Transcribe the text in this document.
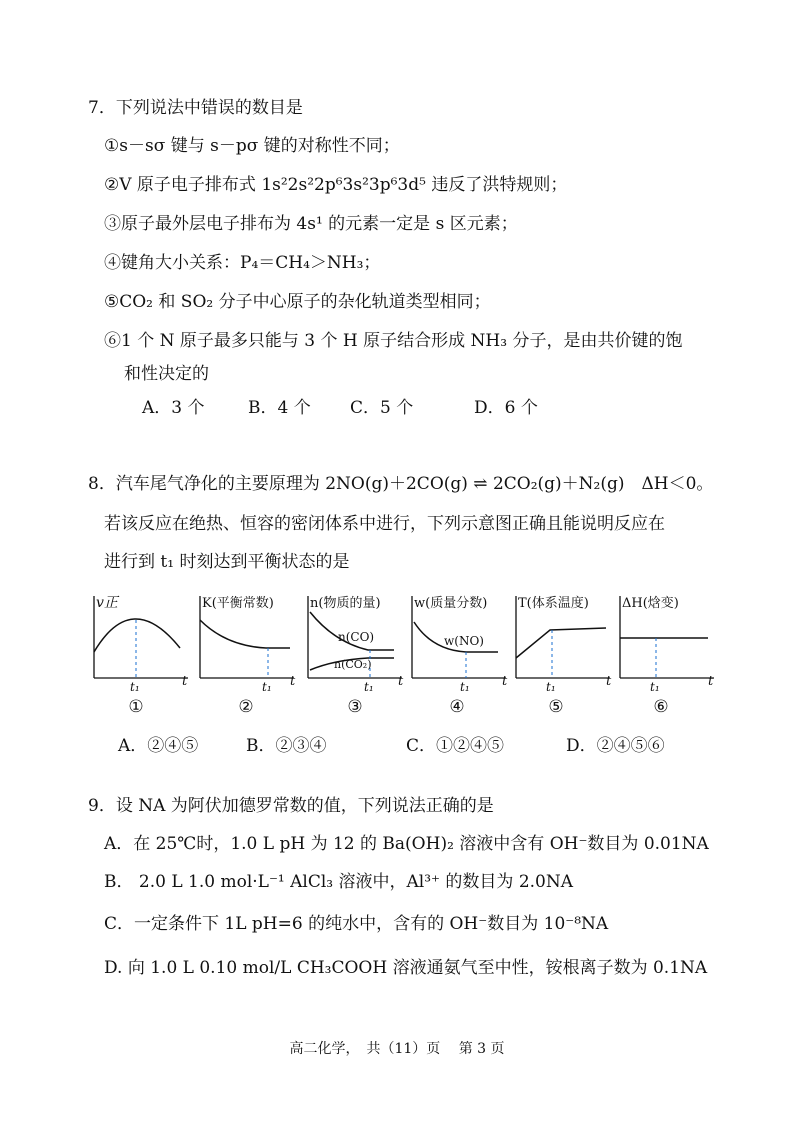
7．下列说法中错误的数目是
①s－sσ 键与 s－pσ 键的对称性不同；
②V 原子电子排布式 1s²2s²2p⁶3s²3p⁶3d⁵ 违反了洪特规则；
③原子最外层电子排布为 4s¹ 的元素一定是 s 区元素；
④键角大小关系：P₄＝CH₄＞NH₃；
⑤CO₂ 和 SO₂ 分子中心原子的杂化轨道类型相同；
⑥1 个 N 原子最多只能与 3 个 H 原子结合形成 NH₃ 分子，是由共价键的饱
和性决定的
A．3 个	B．4 个 C．5 个	D．6 个
8．汽车尾气净化的主要原理为 2NO(g)＋2CO(g) ⇌ 2CO₂(g)＋N₂(g)　ΔH＜0。
若该反应在绝热、恒容的密闭体系中进行，下列示意图正确且能说明反应在
进行到 t₁ 时刻达到平衡状态的是
v正
t₁	t
①
K(平衡常数)
t₁ t
②
n(物质的量)
n(CO)
n(CO₂)
t₁ t
③
w(质量分数)
w(NO)
t₁ t
④
T(体系温度)
t₁	t
⑤
ΔH(焓变)
t₁	t
⑥
A．②④⑤	B．②③④	C．①②④⑤	D．②④⑤⑥
9．设 NA 为阿伏加德罗常数的值，下列说法正确的是
A．在 25℃时，1.0 L pH 为 12 的 Ba(OH)₂ 溶液中含有 OH⁻数目为 0.01NA
B． 2.0 L 1.0 mol·L⁻¹ AlCl₃ 溶液中，Al³⁺ 的数目为 2.0NA
C．一定条件下 1L pH=6 的纯水中，含有的 OH⁻数目为 10⁻⁸NA
D. 向 1.0 L 0.10 mol/L CH₃COOH 溶液通氨气至中性，铵根离子数为 0.1NA
高二化学，　共（11）页　 第 3 页
